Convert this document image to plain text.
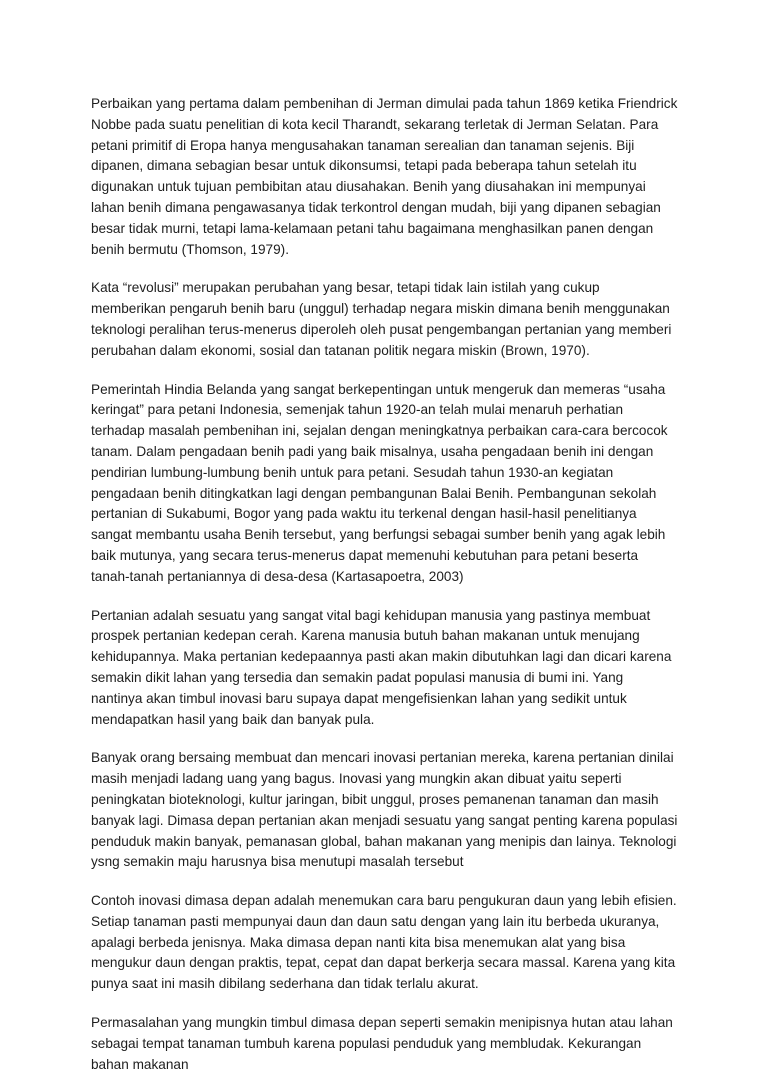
Perbaikan yang pertama dalam pembenihan di Jerman dimulai pada tahun 1869 ketika Friendrick Nobbe pada suatu penelitian di kota kecil Tharandt, sekarang terletak di Jerman Selatan. Para petani primitif di Eropa hanya mengusahakan tanaman serealian dan tanaman sejenis. Biji dipanen, dimana sebagian besar untuk dikonsumsi, tetapi pada beberapa tahun setelah itu digunakan untuk tujuan pembibitan atau diusahakan. Benih yang diusahakan ini mempunyai lahan benih dimana pengawasanya tidak terkontrol dengan mudah, biji yang dipanen sebagian besar tidak murni, tetapi lama-kelamaan petani tahu bagaimana menghasilkan panen dengan benih bermutu (Thomson, 1979).

Kata “revolusi” merupakan perubahan yang besar, tetapi tidak lain istilah yang cukup memberikan pengaruh benih baru (unggul) terhadap negara miskin dimana benih menggunakan teknologi peralihan terus-menerus diperoleh oleh pusat pengembangan pertanian yang memberi perubahan dalam ekonomi, sosial dan tatanan politik negara miskin (Brown, 1970).

Pemerintah Hindia Belanda yang sangat berkepentingan untuk mengeruk dan memeras “usaha keringat” para petani Indonesia, semenjak tahun 1920-an telah mulai menaruh perhatian terhadap masalah pembenihan ini, sejalan dengan meningkatnya perbaikan cara-cara bercocok tanam. Dalam pengadaan benih padi yang baik misalnya, usaha pengadaan benih ini dengan pendirian lumbung-lumbung benih untuk para petani. Sesudah tahun 1930-an kegiatan pengadaan benih ditingkatkan lagi dengan pembangunan Balai Benih. Pembangunan sekolah pertanian di Sukabumi, Bogor yang pada waktu itu terkenal dengan hasil-hasil penelitianya sangat membantu usaha Benih tersebut, yang berfungsi sebagai sumber benih yang agak lebih baik mutunya, yang secara terus-menerus dapat memenuhi kebutuhan para petani beserta tanah-tanah pertaniannya di desa-desa (Kartasapoetra, 2003)

Pertanian adalah sesuatu yang sangat vital bagi kehidupan manusia yang pastinya membuat prospek pertanian kedepan cerah. Karena manusia butuh bahan makanan untuk menujang kehidupannya. Maka pertanian kedepaannya pasti akan makin dibutuhkan lagi dan dicari karena semakin dikit lahan yang tersedia dan semakin padat populasi manusia di bumi ini. Yang nantinya akan timbul inovasi baru supaya dapat mengefisienkan lahan yang sedikit untuk mendapatkan hasil yang baik dan banyak pula.

Banyak orang bersaing membuat dan mencari inovasi pertanian mereka, karena pertanian dinilai masih menjadi ladang uang yang bagus. Inovasi yang mungkin akan dibuat yaitu seperti peningkatan bioteknologi, kultur jaringan, bibit unggul, proses pemanenan tanaman dan masih banyak lagi. Dimasa depan pertanian akan menjadi sesuatu yang sangat penting karena populasi penduduk makin banyak, pemanasan global, bahan makanan yang menipis dan lainya. Teknologi ysng semakin maju harusnya bisa menutupi masalah tersebut

Contoh inovasi dimasa depan adalah menemukan cara baru pengukuran daun yang lebih efisien. Setiap tanaman pasti mempunyai daun dan daun satu dengan yang lain itu berbeda ukuranya, apalagi berbeda jenisnya. Maka dimasa depan nanti kita bisa menemukan alat yang bisa mengukur daun dengan praktis, tepat, cepat dan dapat berkerja secara massal. Karena yang kita punya saat ini masih dibilang sederhana dan tidak terlalu akurat.

Permasalahan yang mungkin timbul dimasa depan seperti semakin menipisnya hutan atau lahan sebagai tempat tanaman tumbuh karena populasi penduduk yang membludak. Kekurangan bahan makanan
